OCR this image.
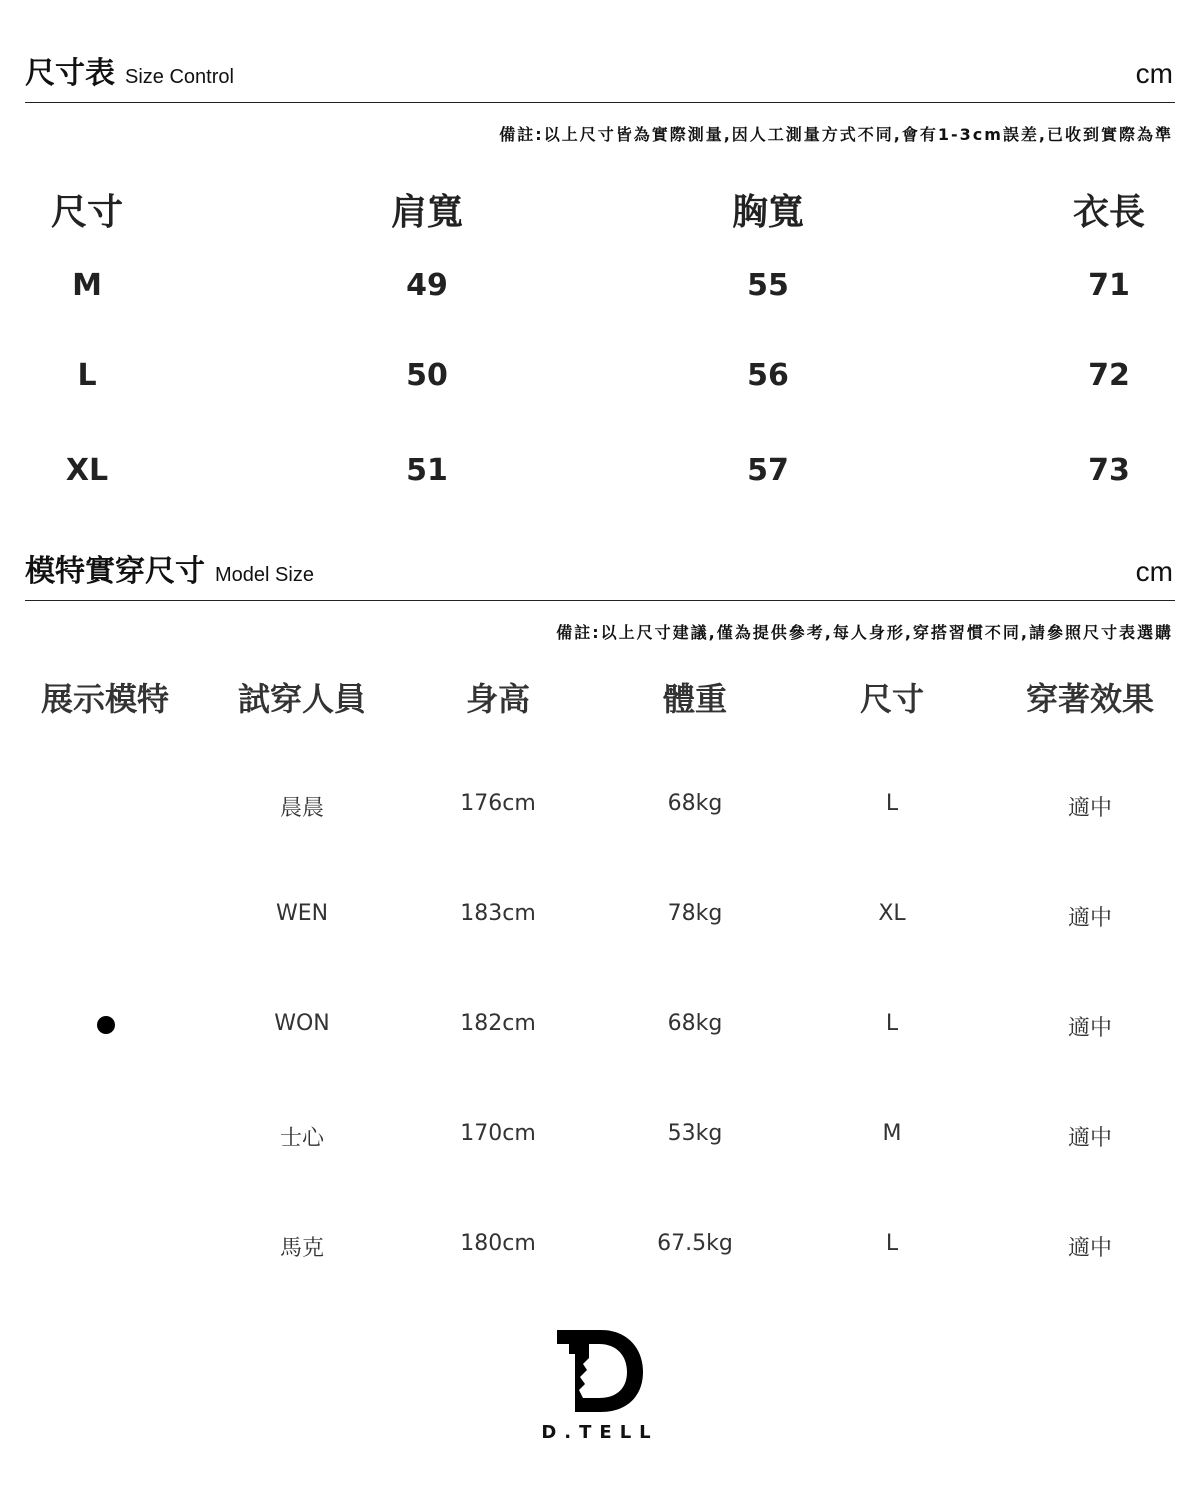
尺寸表 Size Control	cm
備註:以上尺寸皆為實際測量,因人工測量方式不同,會有1-3cm誤差,已收到實際為準
尺寸	肩寬	胸寬	衣長
M	49	55	71
L	50	56	72
XL	51	57	73
模特實穿尺寸 Model Size	cm
備註:以上尺寸建議,僅為提供參考,每人身形,穿搭習慣不同,請參照尺寸表選購
展示模特 試穿人員	身高	體重	尺寸	穿著效果
晨晨	176cm	68kg	L	適中
WEN	183cm	78kg	XL	適中
WON	182cm	68kg	L	適中
士心	170cm	53kg	M	適中
馬克	180cm	67.5kg	L	適中
D.TELL
